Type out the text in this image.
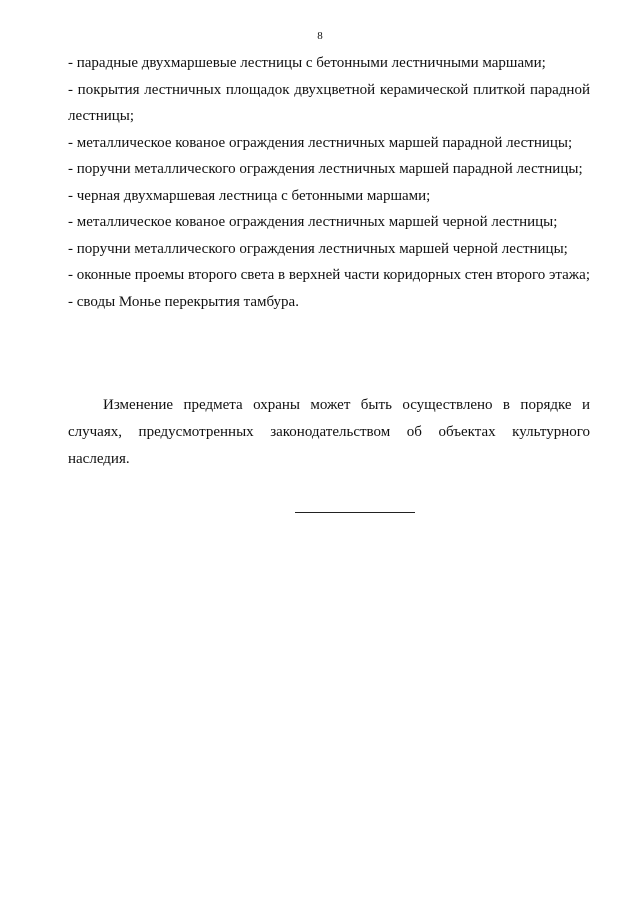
8
- парадные двухмаршевые лестницы с бетонными лестничными маршами;
- покрытия лестничных площадок двухцветной керамической плиткой парадной лестницы;
- металлическое кованое ограждения лестничных маршей парадной лестницы;
- поручни металлического ограждения лестничных маршей парадной лестницы;
- черная двухмаршевая лестница с бетонными маршами;
- металлическое кованое ограждения лестничных маршей черной лестницы;
- поручни металлического ограждения лестничных маршей черной лестницы;
- оконные проемы второго света в верхней части коридорных стен второго этажа;
- своды Монье перекрытия тамбура.

Изменение предмета охраны может быть осуществлено в порядке и случаях, предусмотренных законодательством об объектах культурного наследия.
